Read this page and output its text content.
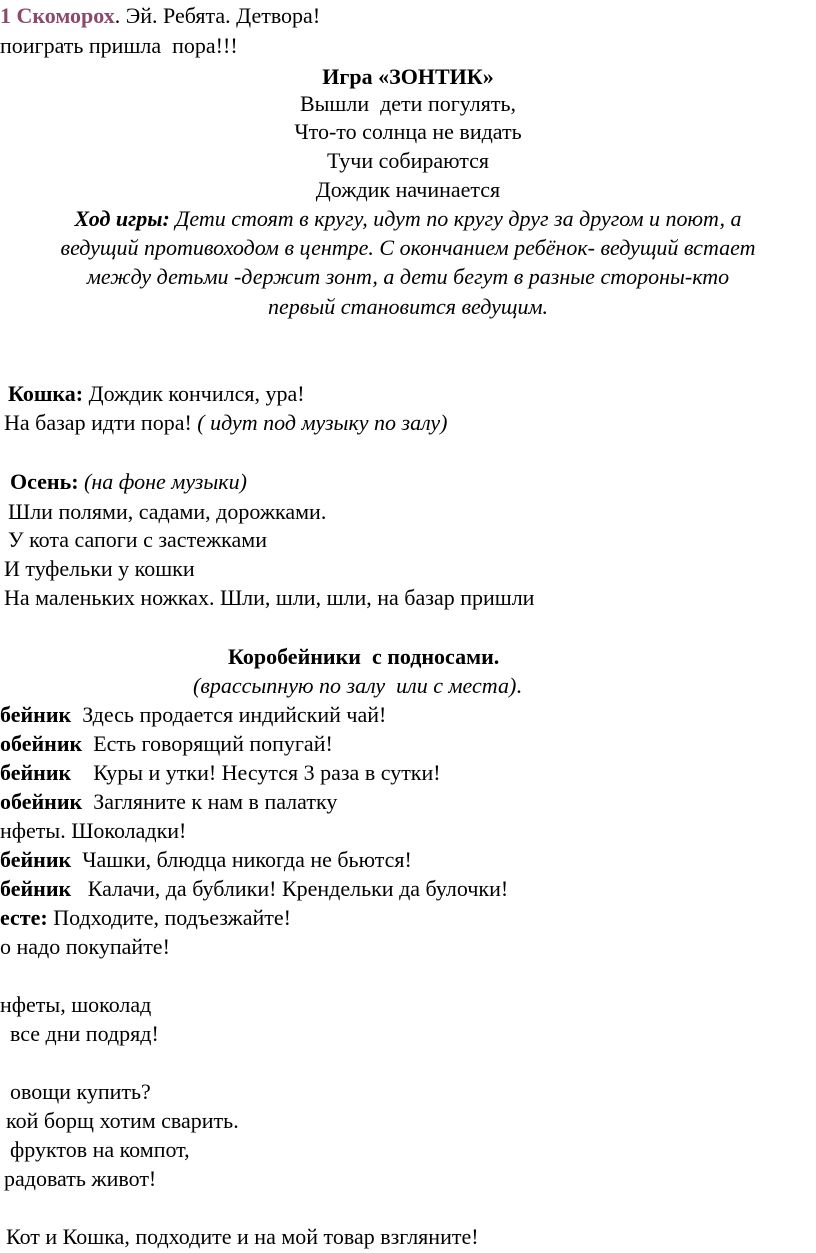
1 Скоморох. Эй. Ребята. Детвора!
поиграть пришла  пора!!!
Игра «ЗОНТИК»
Вышли  дети погулять,
Что-то солнца не видать
Тучи собираются
Дождик начинается
Ход игры: Дети стоят в кругу, идут по кругу друг за другом и поют, а
ведущий противоходом в центре. С окончанием ребёнок- ведущий встает
между детьми -держит зонт, а дети бегут в разные стороны-кто
первый становится ведущим.
Кошка: Дождик кончился, ура!
На базар идти пора! ( идут под музыку по залу)
Осень: (на фоне музыки)
Шли полями, садами, дорожками.
У кота сапоги с застежками
И туфельки у кошки
На маленьких ножках. Шли, шли, шли, на базар пришли
Коробейники  с подносами.
(врассыпную по залу  или с места).
бейник  Здесь продается индийский чай!
обейник  Есть говорящий попугай!
бейник    Куры и утки! Несутся 3 раза в сутки!
обейник  Загляните к нам в палатку
нфеты. Шоколадки!
бейник  Чашки, блюдца никогда не бьются!
бейник   Калачи, да бублики! Крендельки да булочки!
есте: Подходите, подъезжайте!
о надо покупайте!
нфеты, шоколад
все дни подряд!
овощи купить?
кой борщ хотим сварить.
фруктов на компот,
радовать живот!
Кот и Кошка, подходите и на мой товар взгляните!
